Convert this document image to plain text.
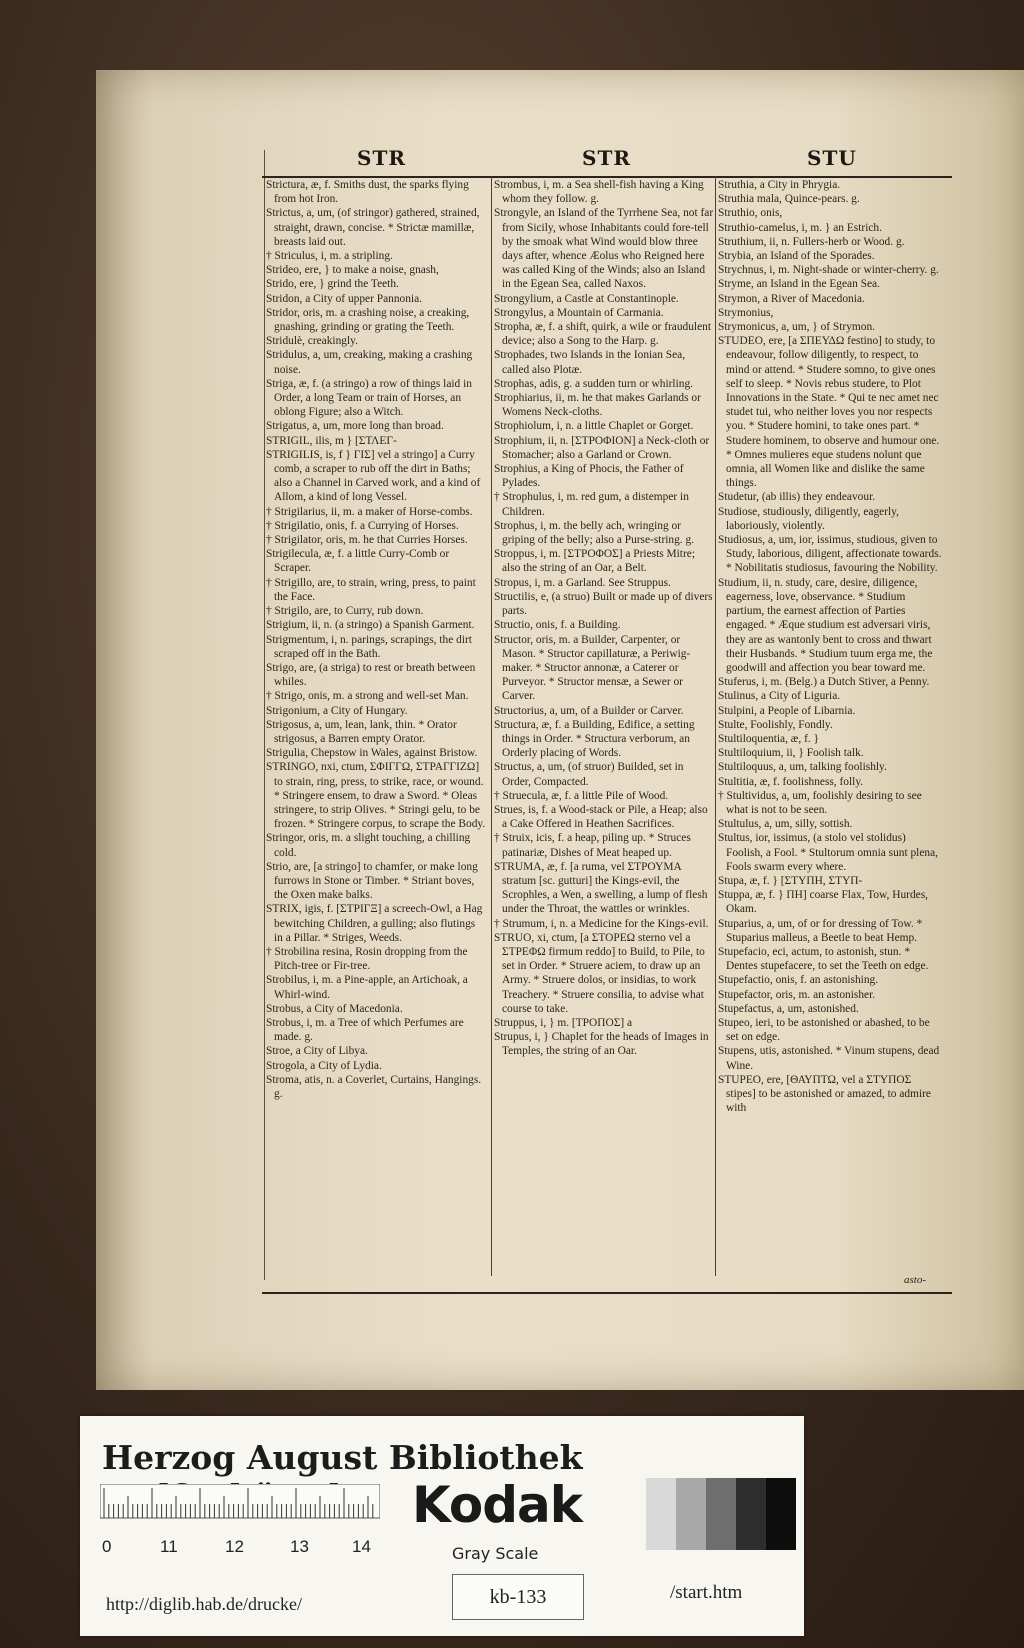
STR	STR	STU

Strictura, æ, f. Smiths dust, the sparks flying from hot Iron.

Strictus, a, um, (of stringor) gathered, strained, straight, drawn, concise. * Strictæ mamillæ, breasts laid out.

† Striculus, i, m. a stripling.

Strideo, ere, } to make a noise, gnash,

Strido, ere, } grind the Teeth.

Stridon, a City of upper Pannonia.

Stridor, oris, m. a crashing noise, a creaking, gnashing, grinding or grating the Teeth.

Stridulè, creakingly.

Stridulus, a, um, creaking, making a crashing noise.

Striga, æ, f. (a stringo) a row of things laid in Order, a long Team or train of Horses, an oblong Figure; also a Witch.

Strigatus, a, um, more long than broad.

STRIGIL, ilis, m } [ΣΤΛΕΓ-

STRIGILIS, is, f } ΓΙΣ] vel a stringo] a Curry comb, a scraper to rub off the dirt in Baths; also a Channel in Carved work, and a kind of Allom, a kind of long Vessel.

† Strigilarius, ii, m. a maker of Horse-combs.

† Strigilatio, onis, f. a Currying of Horses.

† Strigilator, oris, m. he that Curries Horses.

Strigilecula, æ, f. a little Curry-Comb or Scraper.

† Strigillo, are, to strain, wring, press, to paint the Face.

† Strigilo, are, to Curry, rub down.

Strigium, ii, n. (a stringo) a Spanish Garment.

Strigmentum, i, n. parings, scrapings, the dirt scraped off in the Bath.

Strigo, are, (a striga) to rest or breath between whiles.

† Strigo, onis, m. a strong and well-set Man.

Strigonium, a City of Hungary.

Strigosus, a, um, lean, lank, thin. * Orator strigosus, a Barren empty Orator.

Strigulia, Chepstow in Wales, against Bristow.

STRINGO, nxi, ctum, ΣΦΙΓΓΩ, ΣΤΡΑΓΓΙΖΩ] to strain, ring, press, to strike, race, or wound. * Stringere ensem, to draw a Sword. * Oleas stringere, to strip Olives. * Stringi gelu, to be frozen. * Stringere corpus, to scrape the Body.

Stringor, oris, m. a slight touching, a chilling cold.

Strio, are, [a stringo] to chamfer, or make long furrows in Stone or Timber. * Striant boves, the Oxen make balks.

STRIX, igis, f. [ΣΤΡΙΓΞ] a screech-Owl, a Hag bewitching Children, a gulling; also flutings in a Pillar. * Striges, Weeds.

† Strobilina resina, Rosin dropping from the Pitch-tree or Fir-tree.

Strobilus, i, m. a Pine-apple, an Artichoak, a Whirl-wind.

Strobus, a City of Macedonia.

Strobus, i, m. a Tree of which Perfumes are made. g.

Stroe, a City of Libya.

Strogola, a City of Lydia.

Stroma, atis, n. a Coverlet, Curtains, Hangings. g.

Strombus, i, m. a Sea shell-fish having a King whom they follow. g.

Strongyle, an Island of the Tyrrhene Sea, not far from Sicily, whose Inhabitants could fore-tell by the smoak what Wind would blow three days after, whence Æolus who Reigned here was called King of the Winds; also an Island in the Egean Sea, called Naxos.

Strongylium, a Castle at Constantinople.

Strongylus, a Mountain of Carmania.

Stropha, æ, f. a shift, quirk, a wile or fraudulent device; also a Song to the Harp. g.

Strophades, two Islands in the Ionian Sea, called also Plotæ.

Strophas, adis, g. a sudden turn or whirling.

Strophiarius, ii, m. he that makes Garlands or Womens Neck-cloths.

Strophiolum, i, n. a little Chaplet or Gorget.

Strophium, ii, n. [ΣΤΡΟΦΙΟΝ] a Neck-cloth or Stomacher; also a Garland or Crown.

Strophius, a King of Phocis, the Father of Pylades.

† Strophulus, i, m. red gum, a distemper in Children.

Strophus, i, m. the belly ach, wringing or griping of the belly; also a Purse-string. g.

Stroppus, i, m. [ΣΤΡΟΦΟΣ] a Priests Mitre; also the string of an Oar, a Belt.

Stropus, i, m. a Garland. See Struppus.

Structilis, e, (a struo) Built or made up of divers parts.

Structio, onis, f. a Building.

Structor, oris, m. a Builder, Carpenter, or Mason. * Structor capillaturæ, a Periwig-maker. * Structor annonæ, a Caterer or Purveyor. * Structor mensæ, a Sewer or Carver.

Structorius, a, um, of a Builder or Carver.

Structura, æ, f. a Building, Edifice, a setting things in Order. * Structura verborum, an Orderly placing of Words.

Structus, a, um, (of struor) Builded, set in Order, Compacted.

† Struecula, æ, f. a little Pile of Wood.

Strues, is, f. a Wood-stack or Pile, a Heap; also a Cake Offered in Heathen Sacrifices.

† Struix, icis, f. a heap, piling up. * Struces patinariæ, Dishes of Meat heaped up.

STRUMA, æ, f. [a ruma, vel ΣΤΡΟΥΜΑ stratum [sc. gutturi] the Kings-evil, the Scrophles, a Wen, a swelling, a lump of flesh under the Throat, the wattles or wrinkles.

† Strumum, i, n. a Medicine for the Kings-evil.

STRUO, xi, ctum, [a ΣΤΟΡΕΩ sterno vel a ΣΤΡΕΦΩ firmum reddo] to Build, to Pile, to set in Order. * Struere aciem, to draw up an Army. * Struere dolos, or insidias, to work Treachery. * Struere consilia, to advise what course to take.

Struppus, i, } m. [ΤΡΟΠΟΣ] a

Strupus, i, } Chaplet for the heads of Images in Temples, the string of an Oar.

Struthia, a City in Phrygia.

Struthia mala, Quince-pears. g.

Struthio, onis,

Struthio-camelus, i, m. } an Estrich.

Struthium, ii, n. Fullers-herb or Wood. g.

Strybia, an Island of the Sporades.

Strychnus, i, m. Night-shade or winter-cherry. g.

Stryme, an Island in the Egean Sea.

Strymon, a River of Macedonia.

Strymonius,

Strymonicus, a, um, } of Strymon.

STUDEO, ere, [a ΣΠΕΥΔΩ festino] to study, to endeavour, follow diligently, to respect, to mind or attend. * Studere somno, to give ones self to sleep. * Novis rebus studere, to Plot Innovations in the State. * Qui te nec amet nec studet tui, who neither loves you nor respects you. * Studere homini, to take ones part. * Studere hominem, to observe and humour one. * Omnes mulieres eque studens nolunt que omnia, all Women like and dislike the same things.

Studetur, (ab illis) they endeavour.

Studiose, studiously, diligently, eagerly, laboriously, violently.

Studiosus, a, um, ior, issimus, studious, given to Study, laborious, diligent, affectionate towards. * Nobilitatis studiosus, favouring the Nobility.

Studium, ii, n. study, care, desire, diligence, eagerness, love, observance. * Studium partium, the earnest affection of Parties engaged. * Æque studium est adversari viris, they are as wantonly bent to cross and thwart their Husbands. * Studium tuum erga me, the goodwill and affection you bear toward me.

Stuferus, i, m. (Belg.) a Dutch Stiver, a Penny.

Stulinus, a City of Liguria.

Stulpini, a People of Libarnia.

Stulte, Foolishly, Fondly.

Stultiloquentia, æ, f. }

Stultiloquium, ii, } Foolish talk.

Stultiloquus, a, um, talking foolishly.

Stultitia, æ, f. foolishness, folly.

† Stultividus, a, um, foolishly desiring to see what is not to be seen.

Stultulus, a, um, silly, sottish.

Stultus, ior, issimus, (a stolo vel stolidus) Foolish, a Fool. * Stultorum omnia sunt plena, Fools swarm every where.

Stupa, æ, f. } [ΣΤΥΠΗ, ΣΤΥΠ-

Stuppa, æ, f. } ΠΗ] coarse Flax, Tow, Hurdes, Okam.

Stuparius, a, um, of or for dressing of Tow. * Stuparius malleus, a Beetle to beat Hemp.

Stupefacio, eci, actum, to astonish, stun. * Dentes stupefacere, to set the Teeth on edge.

Stupefactio, onis, f. an astonishing.

Stupefactor, oris, m. an astonisher.

Stupefactus, a, um, astonished.

Stupeo, ieri, to be astonished or abashed, to be set on edge.

Stupens, utis, astonished. * Vinum stupens, dead Wine.

STUPEO, ere, [ΘΑΥΠΤΩ, vel a ΣΤΥΠΟΣ stipes] to be astonished or amazed, to admire with

asto-
Herzog August Bibliothek
0	11	12	13	14
Kodak
Gray Scale
http://diglib.hab.de/drucke/	kb-133	/start.htm
